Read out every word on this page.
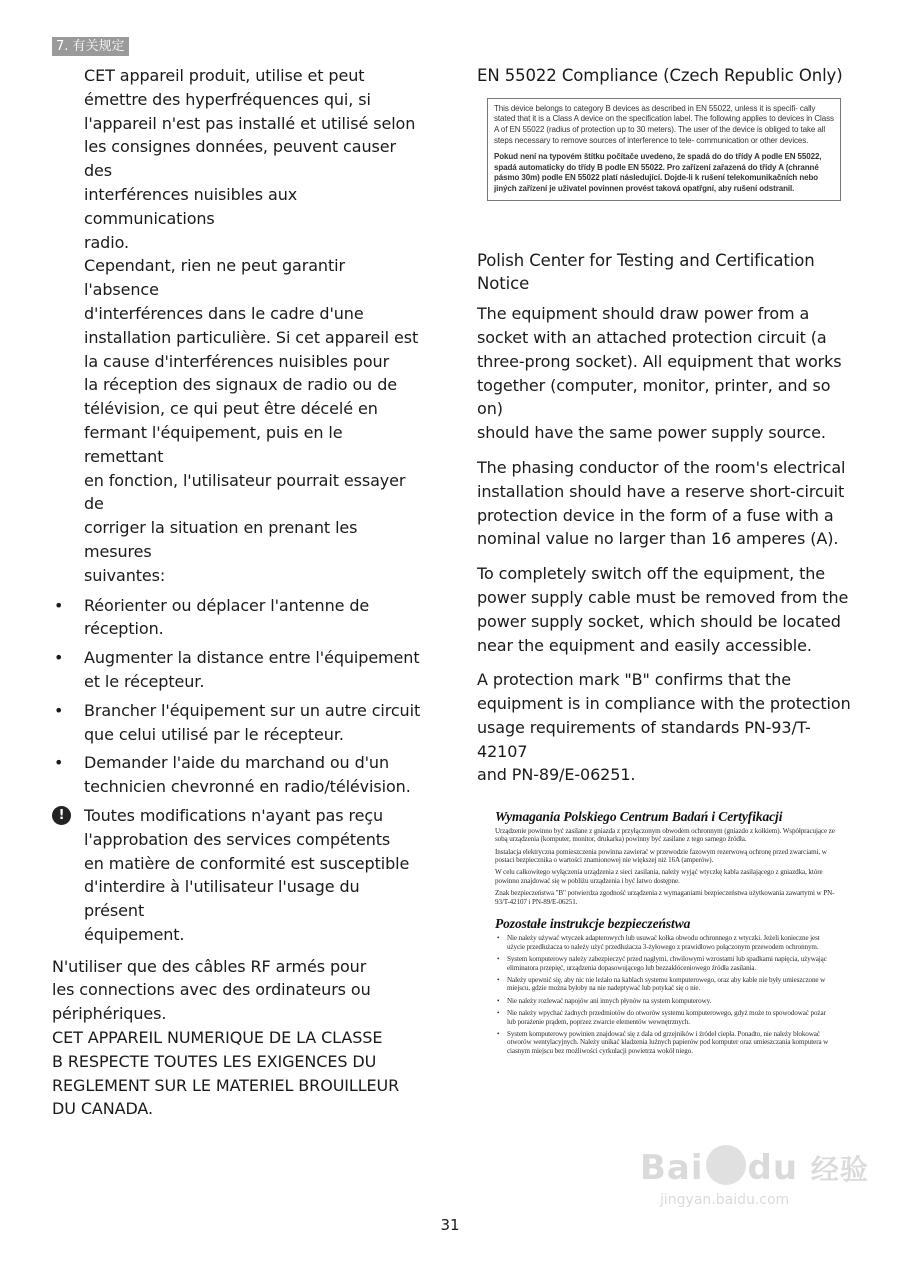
7. 有关规定
CET appareil produit, utilise et peut
émettre des hyperfréquences qui, si
l'appareil n'est pas installé et utilisé selon
les consignes données, peuvent causer des
interférences nuisibles aux communications
radio.
Cependant, rien ne peut garantir l'absence
d'interférences dans le cadre d'une
installation particulière. Si cet appareil est
la cause d'interférences nuisibles pour
la réception des signaux de radio ou de
télévision, ce qui peut être décelé en
fermant l'équipement, puis en le remettant
en fonction, l'utilisateur pourrait essayer de
corriger la situation en prenant les mesures
suivantes:
• Réorienter ou déplacer l'antenne de
réception.
• Augmenter la distance entre l'équipement
et le récepteur.
• Brancher l'équipement sur un autre circuit
que celui utilisé par le récepteur.
• Demander l'aide du marchand ou d'un
technicien chevronné en radio/télévision.
!	Toutes modifications n'ayant pas reçu
l'approbation des services compétents
en matière de conformité est susceptible
d'interdire à l'utilisateur l'usage du présent
équipement.
N'utiliser que des câbles RF armés pour
les connections avec des ordinateurs ou
périphériques.
CET APPAREIL NUMERIQUE DE LA CLASSE
B RESPECTE TOUTES LES EXIGENCES DU
REGLEMENT SUR LE MATERIEL BROUILLEUR
DU CANADA.
EN 55022 Compliance (Czech Republic Only)

This device belongs to category B devices as described in EN 55022, unless it is specifi- cally stated that it is a Class A device on the specification label. The following applies to devices in Class A of EN 55022 (radius of protection up to 30 meters). The user of the device is obliged to take all steps necessary to remove sources of interference to tele- communication or other devices.

Pokud není na typovém štítku počítače uvedeno, že spadá do do třídy A podle EN 55022, spadá automaticky do třídy B podle EN 55022. Pro zařízení zařazená do třídy A (chranné pásmo 30m) podle EN 55022 platí následující. Dojde-li k rušení telekomunikačních nebo jiných zařízení je uživatel povinnen provést taková opatřgní, aby rušení odstranil.

Polish Center for Testing and Certification
Notice
The equipment should draw power from a
socket with an attached protection circuit (a
three-prong socket). All equipment that works
together (computer, monitor, printer, and so on)
should have the same power supply source.
The phasing conductor of the room's electrical
installation should have a reserve short-circuit
protection device in the form of a fuse with a
nominal value no larger than 16 amperes (A).
To completely switch off the equipment, the
power supply cable must be removed from the
power supply socket, which should be located
near the equipment and easily accessible.
A protection mark "B" confirms that the
equipment is in compliance with the protection
usage requirements of standards PN-93/T-42107
and PN-89/E-06251.
Wymagania Polskiego Centrum Badań i Certyfikacji

Urządzenie powinno być zasilane z gniazda z przyłączonym obwodem ochronnym (gniazdo z kołkiem). Współpracujące ze sobą urządzenia (komputer, monitor, drukarka) powinny być zasilane z tego samego źródła.

Instalacja elektryczna pomieszczenia powinna zawierać w przewodzie fazowym rezerwową ochronę przed zwarciami, w postaci bezpiecznika o wartości znamionowej nie większej niż 16A (amperów).

W celu całkowitego wyłączenia urządzenia z sieci zasilania, należy wyjąć wtyczkę kabla zasilającego z gniazdka, które powinno znajdować się w pobliżu urządzenia i być łatwo dostępne.

Znak bezpieczeństwa "B" potwierdza zgodność urządzenia z wymaganiami bezpieczeństwa użytkowania zawartymi w PN-93/T-42107 i PN-89/E-06251.

Pozostałe instrukcje bezpieczeństwa
• Nie należy używać wtyczek adapterowych lub usuwać kołka obwodu ochronnego z wtyczki. Jeżeli konieczne jest użycie przedłużacza to należy użyć przedłużacza 3-żyłowego z prawidłowo połączonym przewodem ochronnym.
• System komputerowy należy zabezpieczyć przed nagłymi, chwilowymi wzrostami lub spadkami napięcia, używając eliminatora przepięć, urządzenia dopasowującego lub bezzakłóceniowego źródła zasilania.
• Należy upewnić się, aby nic nie leżało na kablach systemu komputerowego, oraz aby kable nie były umieszczone w miejscu, gdzie można byłoby na nie nadeptywać lub potykać się o nie.
• Nie należy rozlewać napojów ani innych płynów na system komputerowy.
• Nie należy wpychać żadnych przedmiotów do otworów systemu komputerowego, gdyż może to spowodować pożar lub porażenie prądem, poprzez zwarcie elementów wewnętrznych.
• System komputerowy powinien znajdować się z dala od grzejników i źródeł ciepła. Ponadto, nie należy blokować otworów wentylacyjnych. Należy unikać kładzenia luźnych papierów pod komputer oraz umieszczania komputera w ciasnym miejscu bez możliwości cyrkulacji powietrza wokół niego.
31
Bai du 经验
jingyan.baidu.com
